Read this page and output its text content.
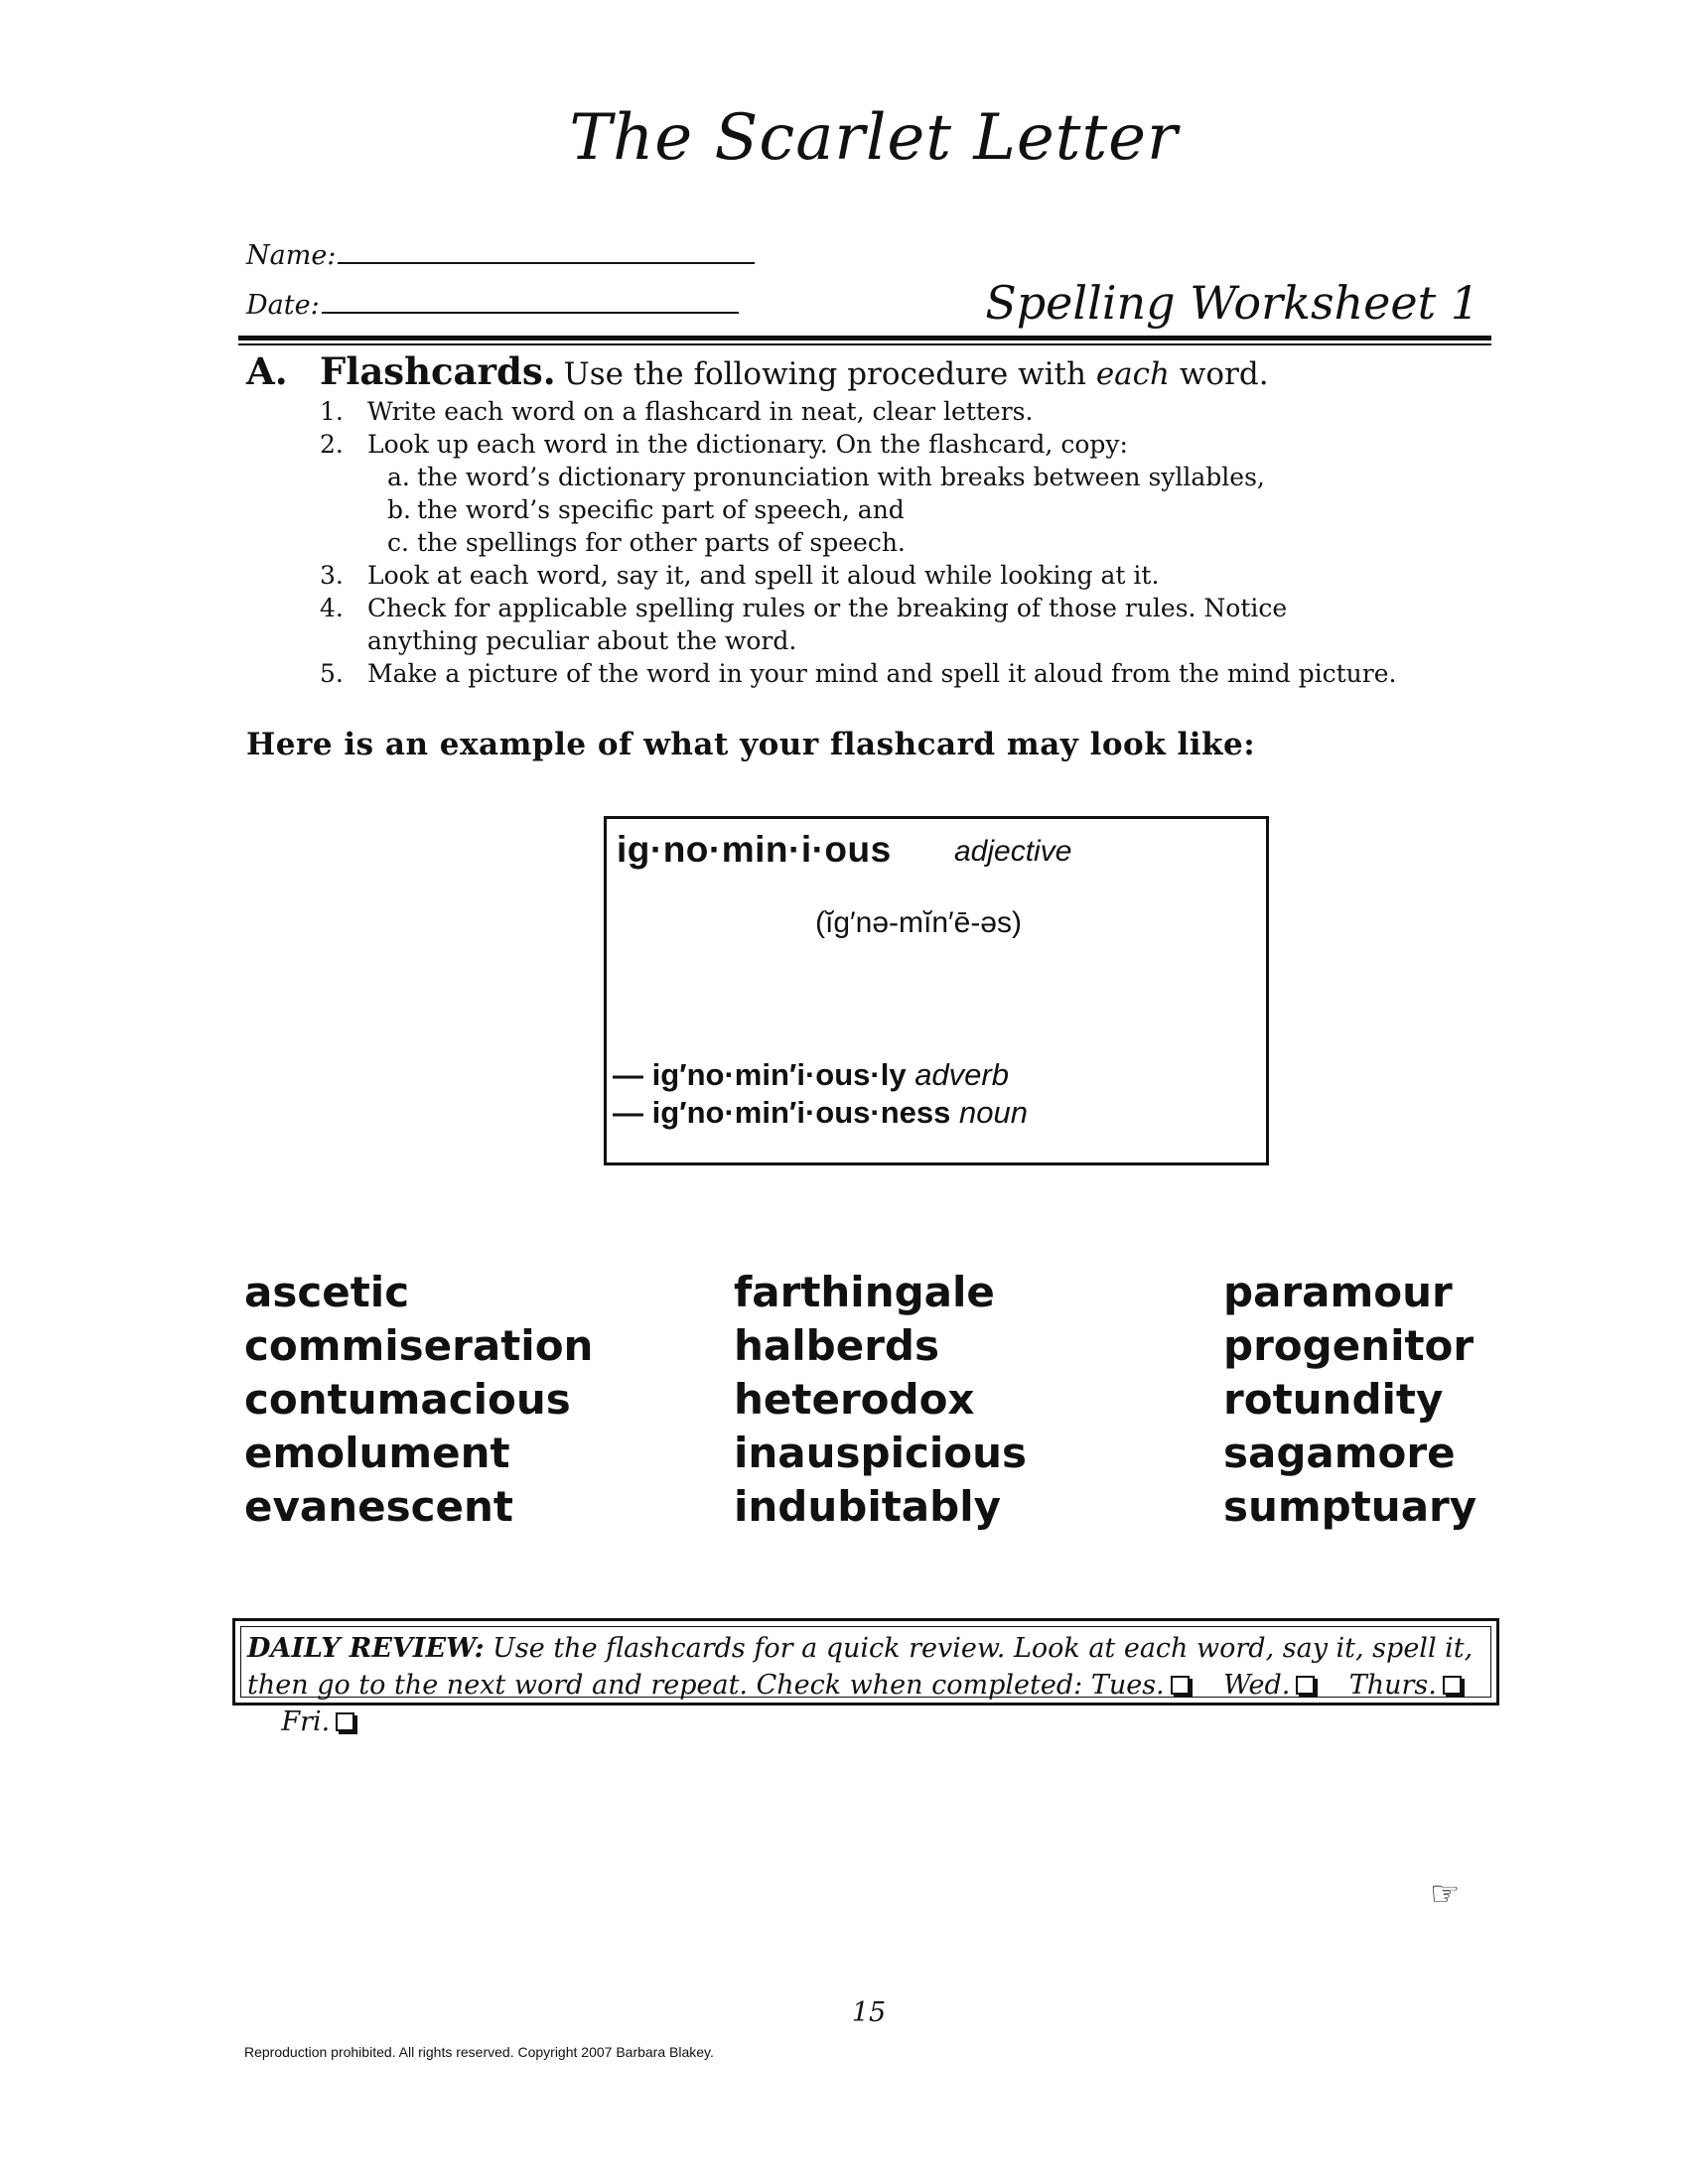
The Scarlet Letter
Name:
Date:	Spelling Worksheet 1
A. Flashcards. Use the following procedure with each word.
1. Write each word on a flashcard in neat, clear letters.
2. Look up each word in the dictionary. On the flashcard, copy:
a. the word’s dictionary pronunciation with breaks between syllables,
b. the word’s specific part of speech, and
c. the spellings for other parts of speech.
3. Look at each word, say it, and spell it aloud while looking at it.
4. Check for applicable spelling rules or the breaking of those rules. Notice anything peculiar about the word.
5. Make a picture of the word in your mind and spell it aloud from the mind picture.
Here is an example of what your flashcard may look like:
ig·no·min·i·ous adjective
(ĭg′nə-mĭn′ē-əs)
— ig′no·min′i·ous·ly adverb
— ig′no·min′i·ous·ness noun
ascetic
commiseration
contumacious
emolument
evanescent
farthingale
halberds
heterodox
inauspicious
indubitably
paramour
progenitor
rotundity
sagamore
sumptuary
DAILY REVIEW: Use the flashcards for a quick review. Look at each word, say it, spell it, then go to the next word and repeat. Check when completed: Tues. Wed. Thurs.    Fri.
☞
15
Reproduction prohibited. All rights reserved. Copyright 2007 Barbara Blakey.
